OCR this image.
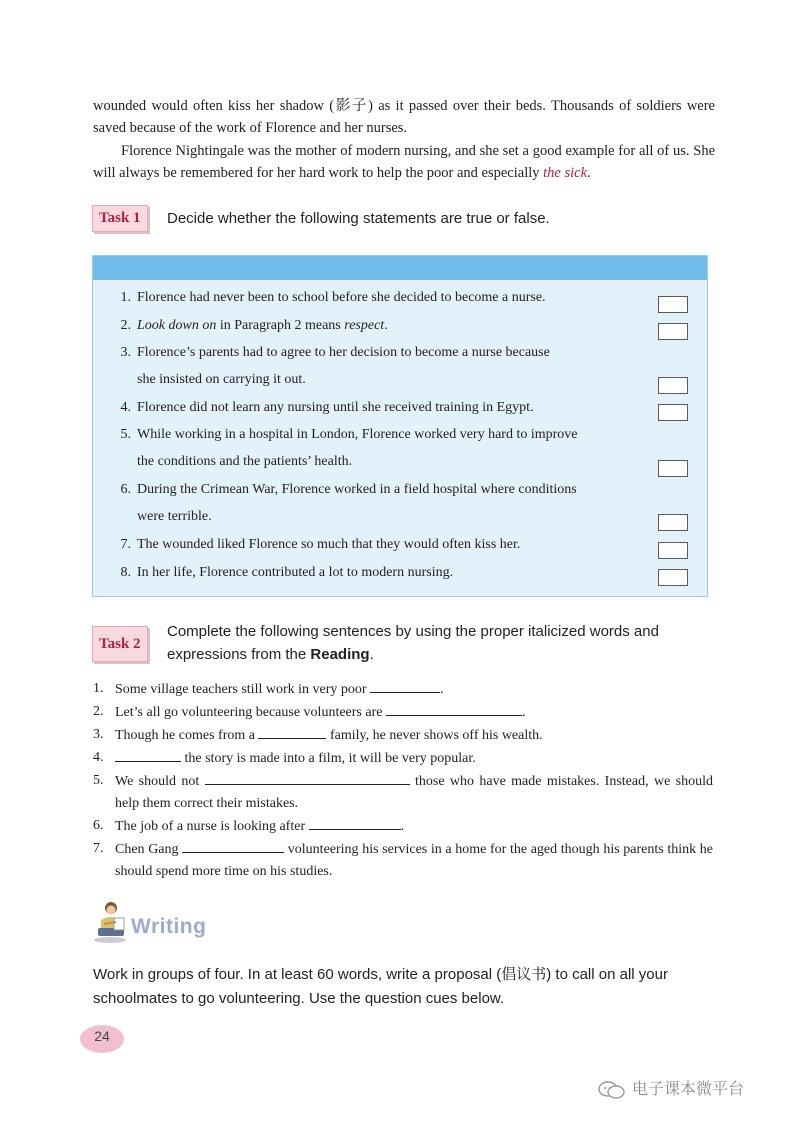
wounded would often kiss her shadow (影子) as it passed over their beds. Thousands of soldiers were saved because of the work of Florence and her nurses.
Florence Nightingale was the mother of modern nursing, and she set a good example for all of us. She will always be remembered for her hard work to help the poor and especially the sick.
Task 1	Decide whether the following statements are true or false.
1. Florence had never been to school before she decided to become a nurse.
2. Look down on in Paragraph 2 means respect.
3. Florence’s parents had to agree to her decision to become a nurse because
she insisted on carrying it out.
4. Florence did not learn any nursing until she received training in Egypt.
5. While working in a hospital in London, Florence worked very hard to improve
the conditions and the patients’ health.
6. During the Crimean War, Florence worked in a field hospital where conditions
were terrible.
7. The wounded liked Florence so much that they would often kiss her.
8. In her life, Florence contributed a lot to modern nursing.
Task 2
Complete the following sentences by using the proper italicized words and expressions from the Reading.
1. Some village teachers still work in very poor	.
2. Let’s all go volunteering because volunteers are	.
3. Though he comes from a	family, he never shows off his wealth.
4.	the story is made into a film, it will be very popular.
5. We should not	those who have made mistakes. Instead, we should help them correct their mistakes.
6. The job of a nurse is looking after	.
7. Chen Gang	volunteering his services in a home for the aged though his parents think he should spend more time on his studies.
Writing
Work in groups of four. In at least 60 words, write a proposal (倡议书) to call on all your schoolmates to go volunteering. Use the question cues below.
24
电子课本微平台
